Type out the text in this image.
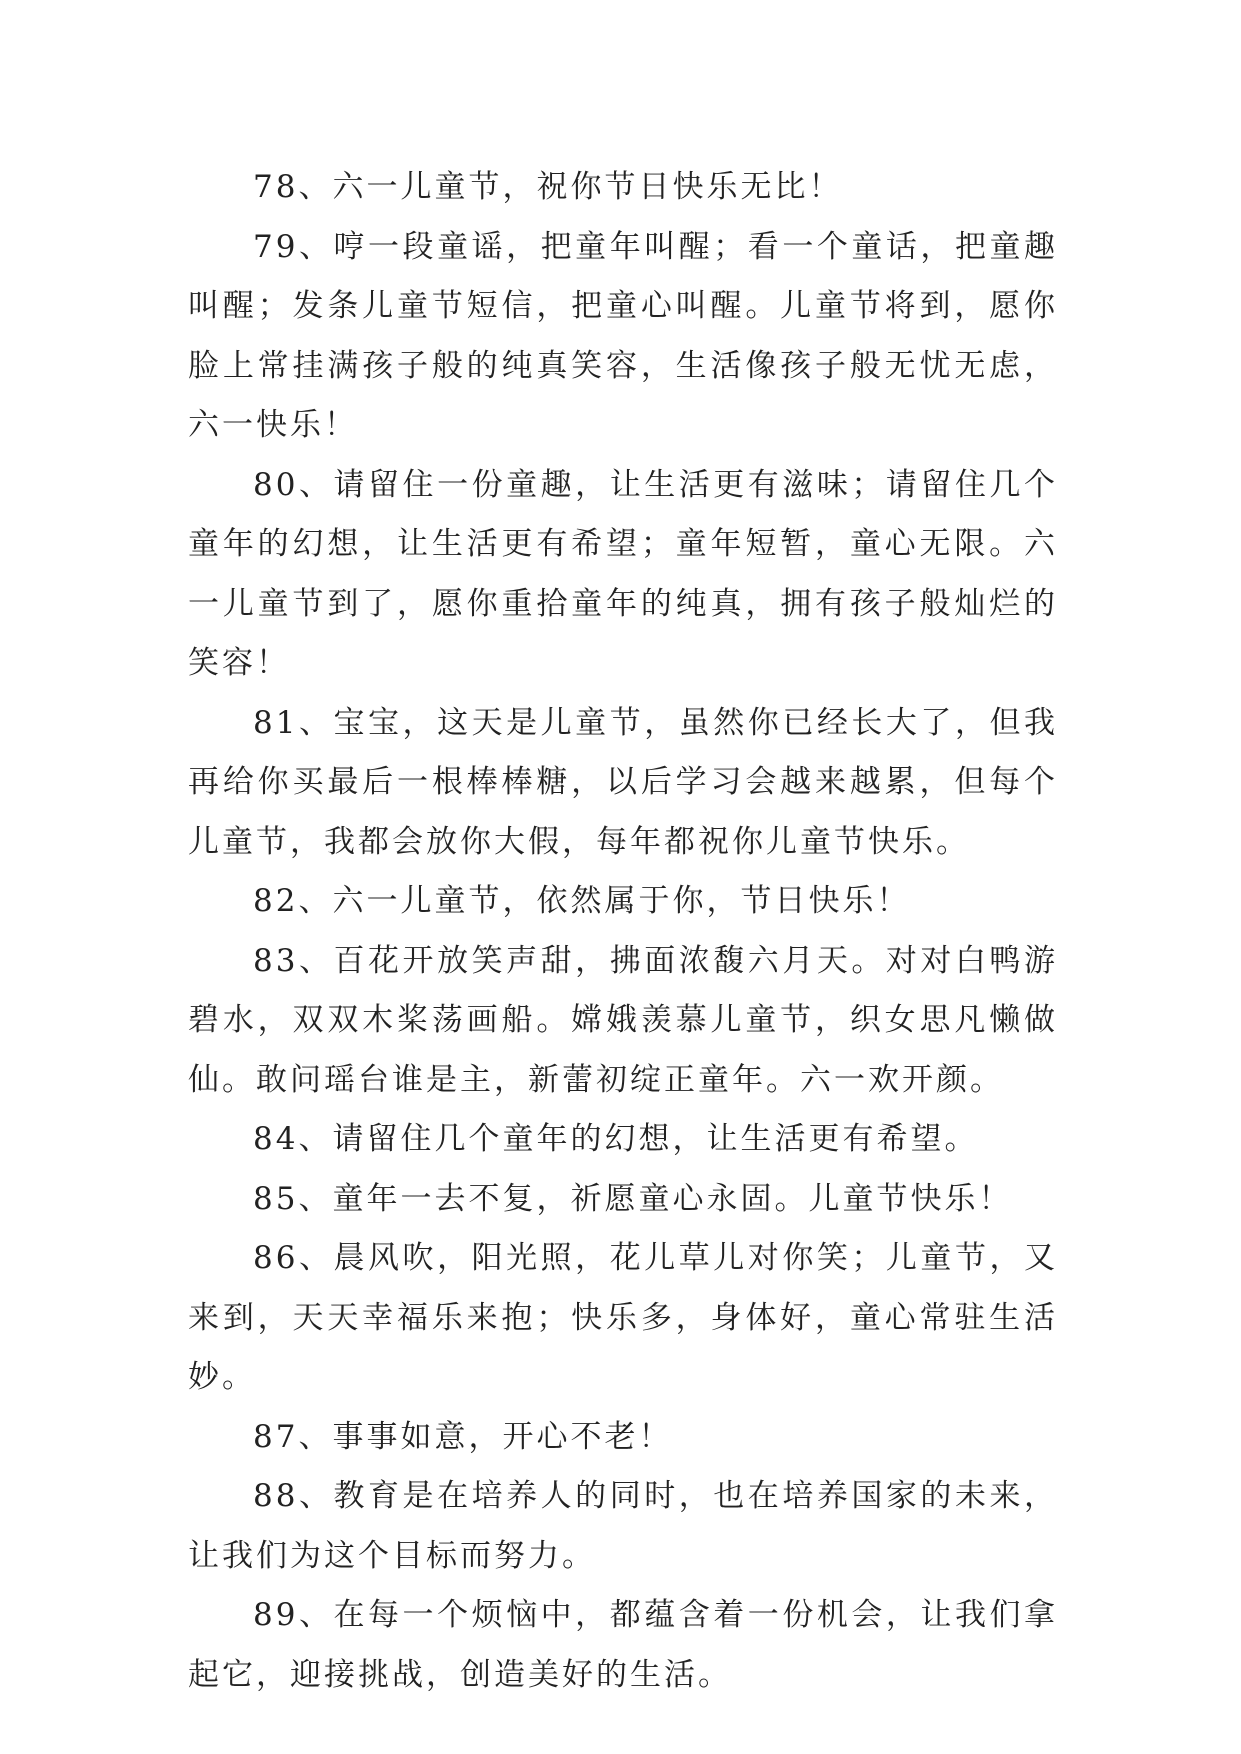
78、六一儿童节，祝你节日快乐无比！

79、哼一段童谣，把童年叫醒；看一个童话，把童趣叫醒；发条儿童节短信，把童心叫醒。儿童节将到，愿你脸上常挂满孩子般的纯真笑容，生活像孩子般无忧无虑，六一快乐！

80、请留住一份童趣，让生活更有滋味；请留住几个童年的幻想，让生活更有希望；童年短暂，童心无限。六一儿童节到了，愿你重拾童年的纯真，拥有孩子般灿烂的笑容！

81、宝宝，这天是儿童节，虽然你已经长大了，但我再给你买最后一根棒棒糖，以后学习会越来越累，但每个儿童节，我都会放你大假，每年都祝你儿童节快乐。

82、六一儿童节，依然属于你，节日快乐！

83、百花开放笑声甜，拂面浓馥六月天。对对白鸭游碧水，双双木桨荡画船。嫦娥羡慕儿童节，织女思凡懒做仙。敢问瑶台谁是主，新蕾初绽正童年。六一欢开颜。

84、请留住几个童年的幻想，让生活更有希望。

85、童年一去不复，祈愿童心永固。儿童节快乐！

86、晨风吹，阳光照，花儿草儿对你笑；儿童节，又来到，天天幸福乐来抱；快乐多，身体好，童心常驻生活妙。

87、事事如意，开心不老！

88、教育是在培养人的同时，也在培养国家的未来，让我们为这个目标而努力。

89、在每一个烦恼中，都蕴含着一份机会，让我们拿起它，迎接挑战，创造美好的生活。
